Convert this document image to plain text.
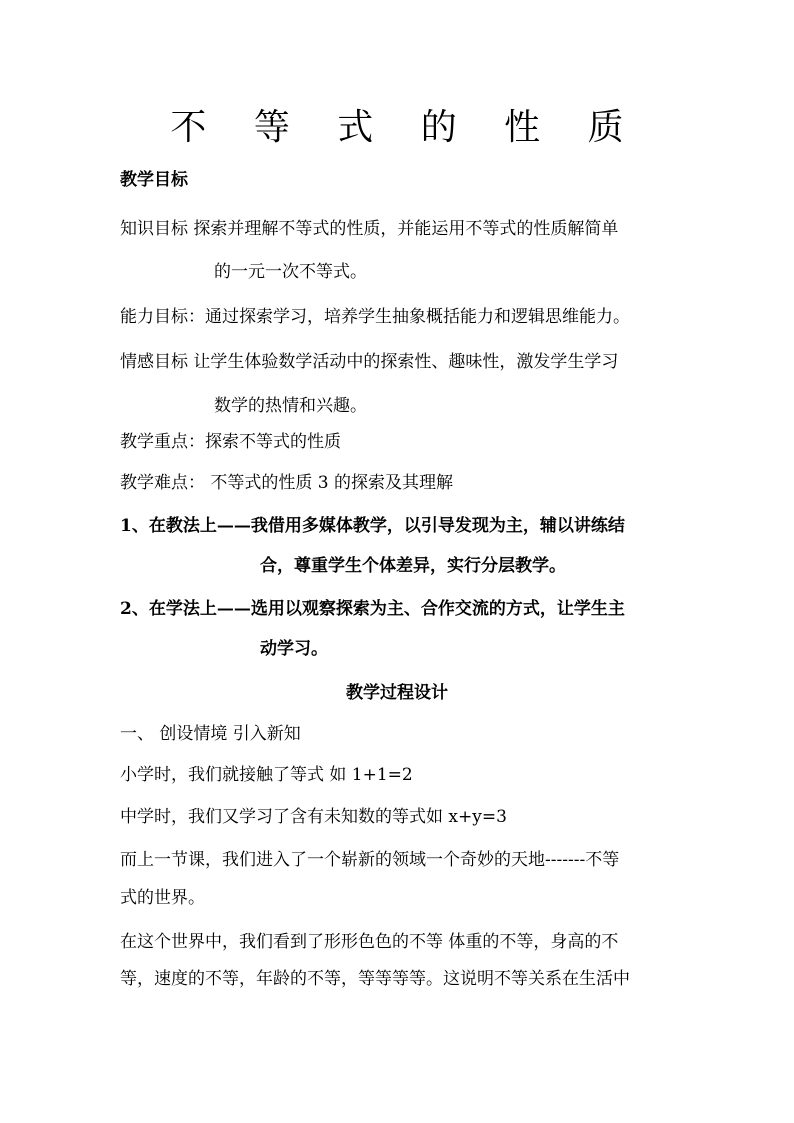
不 等 式 的 性 质
教学目标
知识目标 探索并理解不等式的性质，并能运用不等式的性质解简单
的一元一次不等式。
能力目标：通过探索学习，培养学生抽象概括能力和逻辑思维能力。
情感目标 让学生体验数学活动中的探索性、趣味性，激发学生学习
数学的热情和兴趣。
教学重点：探索不等式的性质
教学难点： 不等式的性质 3 的探索及其理解
1、在教法上——我借用多媒体教学，以引导发现为主，辅以讲练结
合，尊重学生个体差异，实行分层教学。
2、在学法上——选用以观察探索为主、合作交流的方式，让学生主
动学习。
教学过程设计
一、 创设情境 引入新知
小学时，我们就接触了等式 如 1+1=2
中学时，我们又学习了含有未知数的等式如 x+y=3
而上一节课，我们进入了一个崭新的领域一个奇妙的天地-------不等
式的世界。
在这个世界中，我们看到了形形色色的不等 体重的不等，身高的不
等，速度的不等，年龄的不等，等等等等。这说明不等关系在生活中
